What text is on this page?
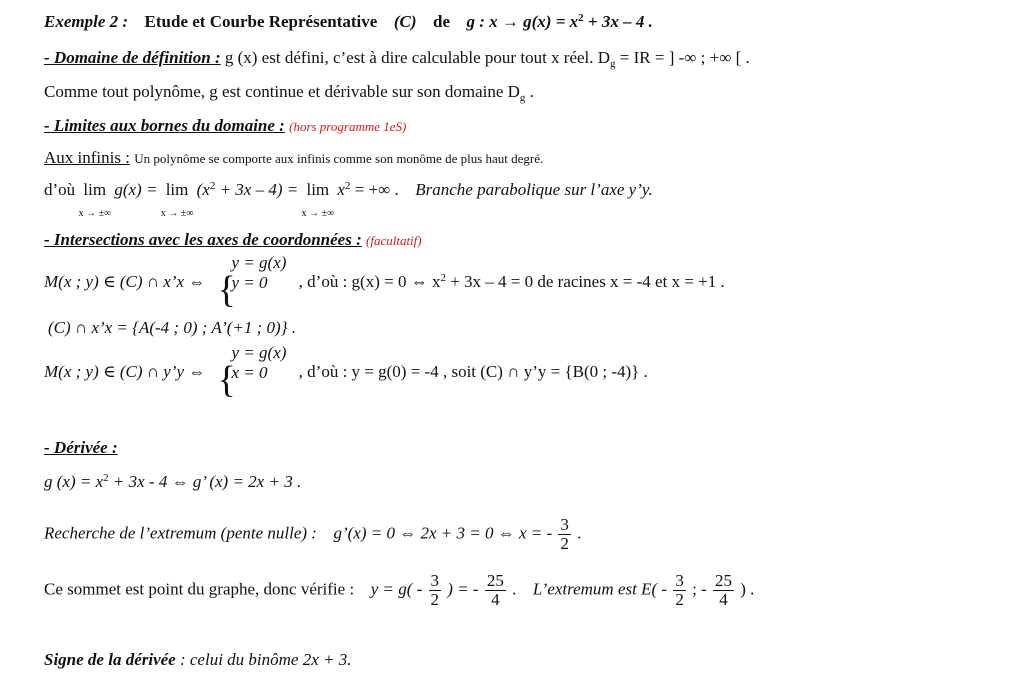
Exemple 2 : Etude et Courbe Représentative (C) de g : $x \to g(x) = x^2 + 3x - 4$ .
- Domaine de définition : g (x) est défini, c’est à dire calculable pour tout x réel. $D_g$ = IR = ] -∞ ; +∞ [ .
Comme tout polynôme, g est continue et dérivable sur son domaine $D_g$ .
- Limites aux bornes du domaine : (hors programme 1eS)
Aux infinis : Un polynôme se comporte aux infinis comme son monôme de plus haut degré.
d’où lim
x → ±∞
g(x) = lim
x → ±∞
$(x^2 + 3x - 4) = \lim$
x → ±∞
$x^2$ = +∞ . Branche parabolique sur l’axe y’y.
- Intersections avec les axes de coordonnées : (facultatif)
M(x ; y) ∈ (C) ∩ x’x ⇔ {
y = g(x)
y = 0	, d’où : g(x) = 0 ⇔ $x^2 + 3x - 4 = 0$ de racines x = -4 et x = +1 .
(C) ∩ x’x = {A(-4 ; 0) ; A’(+1 ; 0)} .
M(x ; y) ∈ (C) ∩ y’y ⇔ {
y = g(x)
x = 0	, d’où : y = g(0) = -4 , soit (C) ∩ y’y = {B(0 ; -4)} .
- Dérivée :
g $(x) = x^2 + 3x - 4$ ⇔ g’ (x) = 2x + 3 .
Recherche de l’extremum (pente nulle) : g’(x) = 0 ⇔ 2x + 3 = 0 ⇔ x = - $\frac{3}{2}$ .
Ce sommet est point du graphe, donc vérifie : $y = g( - \frac{3}{2}$ ) = - $\frac{25}{4}$ . L’extremum est $E( - \frac{3}{2}$ ; - $\frac{25}{4}$ ) .
Signe de la dérivée : celui du binôme 2x + 3.
